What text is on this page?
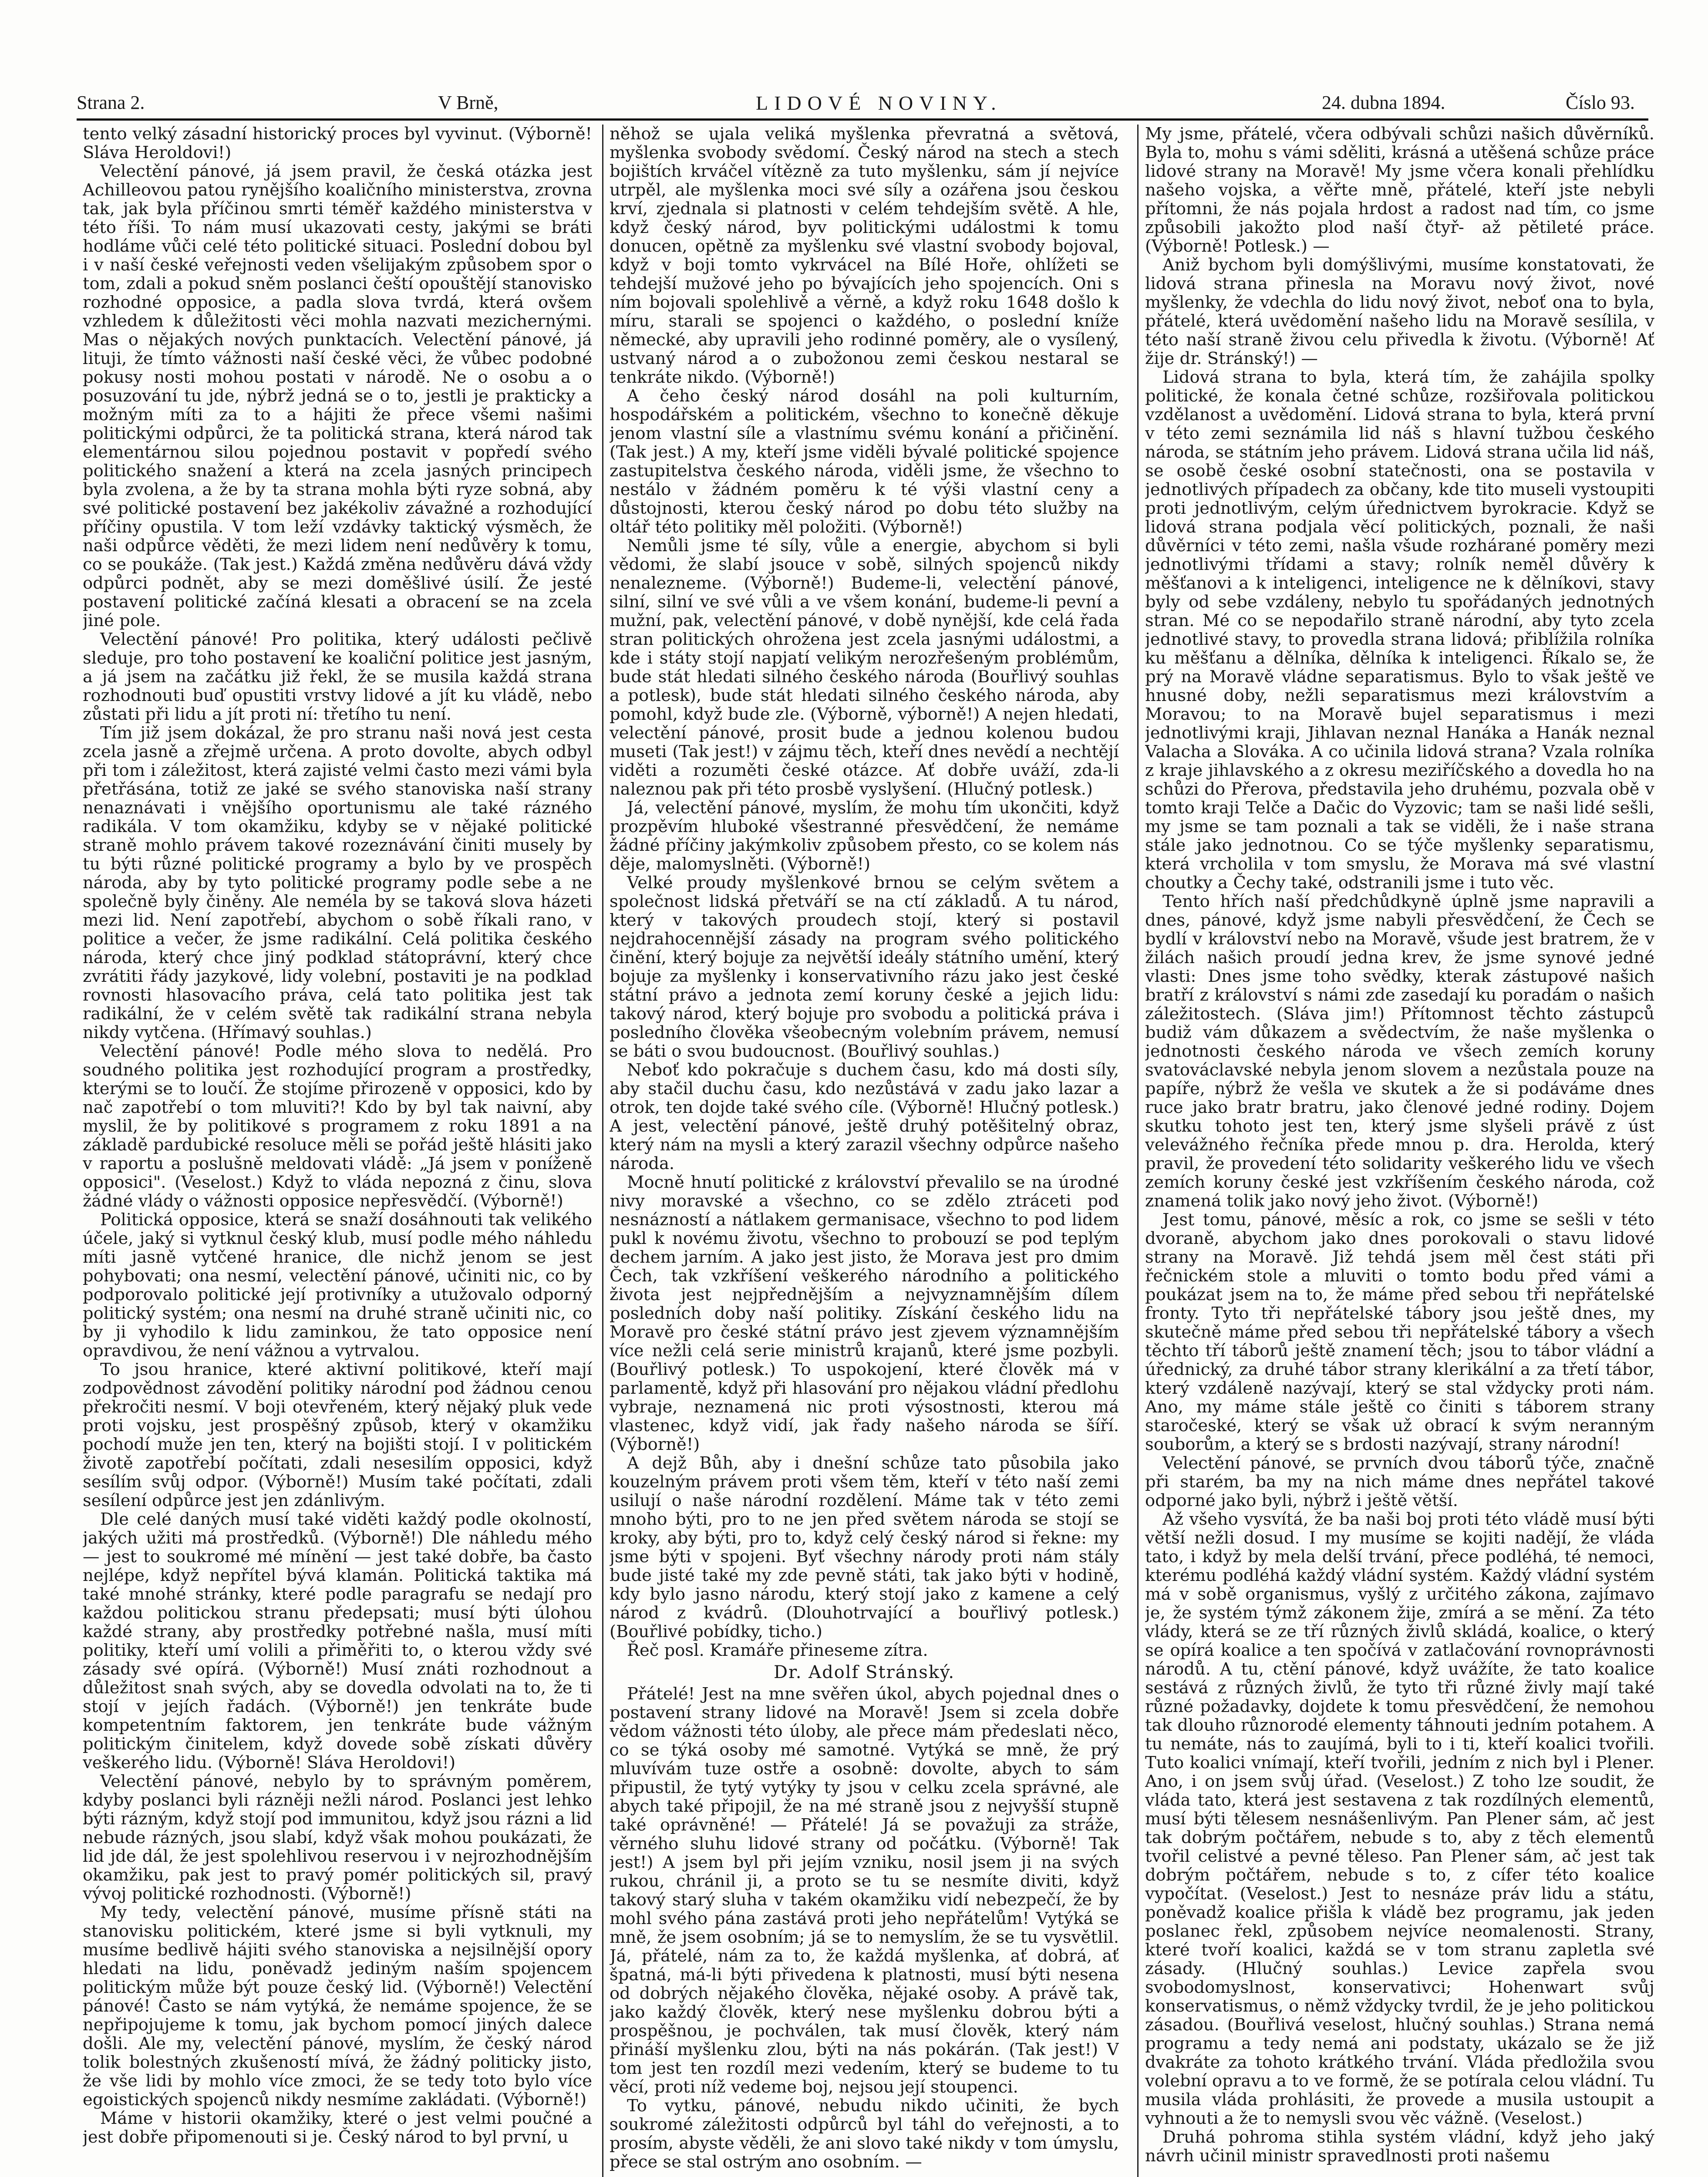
Strana 2.	V Brně,	LIDOVÉ NOVINY.	24. dubna 1894.	Číslo 93.

tento velký zásadní historický proces byl vyvinut. (Výborně! Sláva Heroldovi!)

Velectění pánové, já jsem pravil, že česká otázka jest Achilleovou patou rynějšího koaličního ministerstva, zrovna tak, jak byla příčinou smrti téměř každého ministerstva v této říši. To nám musí ukazovati cesty, jakými se bráti hodláme vůči celé této politické situaci. Poslední dobou byl i v naší české veřejnosti veden všelijakým způsobem spor o tom, zdali a pokud sněm poslanci čeští opouštějí stanovisko rozhodné opposice, a padla slova tvrdá, která ovšem vzhledem k důležitosti věci mohla nazvati mezichernými. Mas o nějakých nových punktacích. Velectění pánové, já lituji, že tímto vážnosti naší české věci, že vůbec podobné pokusy nosti mohou postati v národě. Ne o osobu a o posuzování tu jde, nýbrž jedná se o to, jestli je prakticky a možným míti za to a hájiti že přece všemi našimi politickými odpůrci, že ta politická strana, která národ tak elementárnou silou pojednou postavit v popředí svého politického snažení a která na zcela jasných principech byla zvolena, a že by ta strana mohla býti ryze sobná, aby své politické postavení bez jakékoliv závažné a rozhodující příčiny opustila. V tom leží vzdávky taktický výsměch, že naši odpůrce věděti, že mezi lidem není nedůvěry k tomu, co se poukáže. (Tak jest.) Každá změna nedůvěru dává vždy odpůrci podnět, aby se mezi doměšlivé úsilí. Že jesté postavení politické začíná klesati a obracení se na zcela jiné pole.

Velectění pánové! Pro politika, který události pečlivě sleduje, pro toho postavení ke koaliční politice jest jasným, a já jsem na začátku již řekl, že se musila každá strana rozhodnouti buď opustiti vrstvy lidové a jít ku vládě, nebo zůstati při lidu a jít proti ní: třetího tu není.

Tím již jsem dokázal, že pro stranu naši nová jest cesta zcela jasně a zřejmě určena. A proto dovolte, abych odbyl při tom i záležitost, která zajisté velmi často mezi vámi byla přetřásána, totiž ze jaké se svého stanoviska naší strany nenaznávati i vnějšího oportunismu ale také rázného radikála. V tom okamžiku, kdyby se v nějaké politické straně mohlo právem takové rozeznávání činiti musely by tu býti různé politické programy a bylo by ve prospěch národa, aby by tyto politické programy podle sebe a ne společně byly činěny. Ale neméla by se taková slova házeti mezi lid. Není zapotřebí, abychom o sobě říkali rano, v politice a večer, že jsme radikální. Celá politika českého národa, který chce jiný podklad státoprávní, který chce zvrátiti řády jazykové, lidy volební, postaviti je na podklad rovnosti hlasovacího práva, celá tato politika jest tak radikální, že v celém světě tak radikální strana nebyla nikdy vytčena. (Hřímavý souhlas.)

Velectění pánové! Podle mého slova to nedělá. Pro soudného politika jest rozhodující program a prostředky, kterými se to loučí. Že stojíme přirozeně v opposici, kdo by nač zapotřebí o tom mluviti?! Kdo by byl tak naivní, aby myslil, že by politikové s programem z roku 1891 a na základě pardubické resoluce měli se pořád ještě hlásiti jako v raportu a poslušně meldovati vládě: „Já jsem v poníženě opposici". (Veselost.) Když to vláda nepozná z činu, slova žádné vlády o vážnosti opposice nepřesvědčí. (Výborně!)

Politická opposice, která se snaží dosáhnouti tak velikého účele, jaký si vytknul český klub, musí podle mého náhledu míti jasně vytčené hranice, dle nichž jenom se jest pohybovati; ona nesmí, velectění pánové, učiniti nic, co by podporovalo politické její protivníky a utužovalo odporný politický systém; ona nesmí na druhé straně učiniti nic, co by ji vyhodilo k lidu zaminkou, že tato opposice není opravdivou, že není vážnou a vytrvalou.

To jsou hranice, které aktivní politikové, kteří mají zodpovědnost závodění politiky národní pod žádnou cenou překročiti nesmí. V boji otevřeném, který nějaký pluk vede proti vojsku, jest prospěšný způsob, který v okamžiku pochodí muže jen ten, který na bojišti stojí. I v politickém životě zapotřebí počítati, zdali nesesilím opposici, když sesílím svůj odpor. (Výborně!) Musím také počítati, zdali sesílení odpůrce jest jen zdánlivým.

Dle celé daných musí také viděti každý podle okolností, jakých užiti má prostředků. (Výborně!) Dle náhledu mého — jest to soukromé mé mínění — jest také dobře, ba často nejlépe, když nepřítel bývá klamán. Politická taktika má také mnohé stránky, které podle paragrafu se nedají pro každou politickou stranu předepsati; musí býti úlohou každé strany, aby prostředky potřebné našla, musí míti politiky, kteří umí volili a přiměřiti to, o kterou vždy své zásady své opírá. (Výborně!) Musí znáti rozhodnout a důležitost snah svých, aby se dovedla odvolati na to, že ti stojí v jejích řadách. (Výborně!) jen tenkráte bude kompetentním faktorem, jen tenkráte bude vážným politickým činitelem, když dovede sobě získati důvěry veškerého lidu. (Výborně! Sláva Heroldovi!)

Velectění pánové, nebylo by to správným poměrem, kdyby poslanci byli rázněji nežli národ. Poslanci jest lehko býti rázným, když stojí pod immunitou, když jsou rázni a lid nebude rázných, jsou slabí, když však mohou poukázati, že lid jde dál, že jest spolehlivou reservou i v nejrozhodnějším okamžiku, pak jest to pravý pomér politických sil, pravý vývoj politické rozhodnosti. (Výborně!)

My tedy, velectění pánové, musíme přísně státi na stanovisku politickém, které jsme si byli vytknuli, my musíme bedlivě hájiti svého stanoviska a nejsilnější opory hledati na lidu, poněvadž jediným naším spojencem politickým může být pouze český lid. (Výborně!) Velectění pánové! Často se nám vytýká, že nemáme spojence, že se nepřipojujeme k tomu, jak bychom pomocí jiných dalece došli. Ale my, velectění pánové, myslím, že český národ tolik bolestných zkušeností mívá, že žádný politicky jisto, že vše lidi by mohlo více zmoci, že se tedy toto bylo více egoistických spojenců nikdy nesmíme zakládati. (Výborně!)

Máme v historii okamžiky, které o jest velmi poučné a jest dobře připomenouti si je. Český národ to byl první, u

něhož se ujala veliká myšlenka převratná a světová, myšlenka svobody svědomí. Český národ na stech a stech bojištích krváčel vítězně za tuto myšlenku, sám jí nejvíce utrpěl, ale myšlenka moci své síly a ozářena jsou českou krví, zjednala si platnosti v celém tehdejším světě. A hle, když český národ, byv politickými událostmi k tomu donucen, opětně za myšlenku své vlastní svobody bojoval, když v boji tomto vykrvácel na Bílé Hoře, ohlížeti se tehdejší mužové jeho po bývajících jeho spojencích. Oni s ním bojovali spolehlivě a věrně, a když roku 1648 došlo k míru, starali se spojenci o každého, o poslední kníže německé, aby upravili jeho rodinné poměry, ale o vysílený, ustvaný národ a o zubožonou zemi českou nestaral se tenkráte nikdo. (Výborně!)

A čeho český národ dosáhl na poli kulturním, hospodářském a politickém, všechno to konečně děkuje jenom vlastní síle a vlastnímu svému konání a přičinění. (Tak jest.) A my, kteří jsme viděli bývalé politické spojence zastupitelstva českého národa, viděli jsme, že všechno to nestálo v žádném poměru k té výši vlastní ceny a důstojnosti, kterou český národ po dobu této služby na oltář této politiky měl položiti. (Výborně!)

Nemůli jsme té síly, vůle a energie, abychom si byli vědomi, že slabí jsouce v sobě, silných spojenců nikdy nenalezneme. (Výborně!) Budeme-li, velectění pánové, silní, silní ve své vůli a ve všem konání, budeme-li pevní a mužní, pak, velectění pánové, v době nynější, kde celá řada stran politických ohrožena jest zcela jasnými událostmi, a kde i státy stojí napjatí velikým nerozřešeným problémům, bude stát hledati silného českého národa (Bouřlivý souhlas a potlesk), bude stát hledati silného českého národa, aby pomohl, když bude zle. (Výborně, výborně!) A nejen hledati, velectění pánové, prosit bude a jednou kolenou budou museti (Tak jest!) v zájmu těch, kteří dnes nevědí a nechtějí viděti a rozuměti české otázce. Ať dobře uváží, zda-li naleznou pak při této prosbě vyslyšení. (Hlučný potlesk.)

Já, velectění pánové, myslím, že mohu tím ukončiti, když prozpěvím hluboké všestranné přesvědčení, že nemáme žádné příčiny jakýmkoliv způsobem přesto, co se kolem nás děje, malomyslněti. (Výborně!)

Velké proudy myšlenkové brnou se celým světem a společnost lidská přetváří se na ctí základů. A tu národ, který v takových proudech stojí, který si postavil nejdrahocennější zásady na program svého politického činění, který bojuje za největší ideály státního umění, který bojuje za myšlenky i konservativního rázu jako jest české státní právo a jednota zemí koruny české a jejich lidu: takový národ, který bojuje pro svobodu a politická práva i posledního člověka všeobecným volebním právem, nemusí se báti o svou budoucnost. (Bouřlivý souhlas.)

Neboť kdo pokračuje s duchem času, kdo má dosti síly, aby stačil duchu času, kdo nezůstává v zadu jako lazar a otrok, ten dojde také svého cíle. (Výborně! Hlučný potlesk.) A jest, velectění pánové, ještě druhý potěšitelný obraz, který nám na mysli a který zarazil všechny odpůrce našeho národa.

Mocně hnutí politické z království převalilo se na úrodné nivy moravské a všechno, co se zdělo ztráceti pod nesnázností a nátlakem germanisace, všechno to pod lidem pukl k novému životu, všechno to probouzí se pod teplým dechem jarním. A jako jest jisto, že Morava jest pro dmim Čech, tak vzkříšení veškerého národního a politického života jest nejpřednějším a nejvyznamnějším dílem posledních doby naší politiky. Získání českého lidu na Moravě pro české státní právo jest zjevem významnějším více nežli celá serie ministrů krajanů, které jsme pozbyli. (Bouřlivý potlesk.) To uspokojení, které člověk má v parlamentě, když při hlasování pro nějakou vládní předlohu vybraje, neznamená nic proti výsostnosti, kterou má vlastenec, když vidí, jak řady našeho národa se šíří. (Výborně!)

A dejž Bůh, aby i dnešní schůze tato působila jako kouzelným právem proti všem těm, kteří v této naší zemi usilují o naše národní rozdělení. Máme tak v této zemi mnoho býti, pro to ne jen před světem národa se stojí se kroky, aby býti, pro to, když celý český národ si řekne: my jsme býti v spojeni. Byť všechny národy proti nám stály bude jisté také my zde pevně státi, tak jako býti v hodině, kdy bylo jasno národu, který stojí jako z kamene a celý národ z kvádrů. (Dlouhotrvající a bouřlivý potlesk.) (Bouřlivé pobídky, ticho.)

Řeč posl. Kramáře přineseme zítra.

Dr. Adolf Stránský.

Přátelé! Jest na mne svěřen úkol, abych pojednal dnes o postavení strany lidové na Moravě! Jsem si zcela dobře vědom vážnosti této úloby, ale přece mám předeslati něco, co se týká osoby mé samotné. Vytýká se mně, že prý mluvívám tuze ostře a osobně: dovolte, abych to sám připustil, že tytý vytýky ty jsou v celku zcela správné, ale abych také připojil, že na mé straně jsou z nejvyšší stupně také oprávněné! — Přátelé! Já se považuji za stráže, věrného sluhu lidové strany od počátku. (Výborně! Tak jest!) A jsem byl při jejím vzniku, nosil jsem ji na svých rukou, chránil ji, a proto se tu se nesmíte diviti, když takový starý sluha v takém okamžiku vidí nebezpečí, že by mohl svého pána zastává proti jeho nepřátelům! Vytýká se mně, že jsem osobním; já se to nemyslím, že se tu vysvětlil. Já, přátelé, nám za to, že každá myšlenka, ať dobrá, ať špatná, má-li býti přivedena k platnosti, musí býti nesena od dobrých nějakého člověka, nějaké osoby. A právě tak, jako každý člověk, který nese myšlenku dobrou býti a prospěšnou, je pochválen, tak musí člověk, který nám přináší myšlenku zlou, býti na nás pokárán. (Tak jest!) V tom jest ten rozdíl mezi vedením, který se budeme to tu věcí, proti níž vedeme boj, nejsou její stoupenci.

To vytku, pánové, nebudu nikdo učiniti, že bych soukromé záležitosti odpůrců byl táhl do veřejnosti, a to prosím, abyste věděli, že ani slovo také nikdy v tom úmyslu, přece se stal ostrým ano osobním. —

My jsme, přátelé, včera odbývali schůzi našich důvěrníků. Byla to, mohu s vámi sděliti, krásná a utěšená schůze práce lidové strany na Moravě! My jsme včera konali přehlídku našeho vojska, a věřte mně, přátelé, kteří jste nebyli přítomni, že nás pojala hrdost a radost nad tím, co jsme způsobili jakožto plod naší čtyř- až pětileté práce. (Výborně! Potlesk.) —

Aniž bychom byli domýšlivými, musíme konstatovati, že lidová strana přinesla na Moravu nový život, nové myšlenky, že vdechla do lidu nový život, neboť ona to byla, přátelé, která uvědomění našeho lidu na Moravě sesílila, v této naší straně živou celu přivedla k životu. (Výborně! Ať žije dr. Stránský!) —

Lidová strana to byla, která tím, že zahájila spolky politické, že konala četné schůze, rozšiřovala politickou vzdělanost a uvědomění. Lidová strana to byla, která první v této zemi seznámila lid náš s hlavní tužbou českého národa, se státním jeho právem. Lidová strana učila lid náš, se osobě české osobní statečnosti, ona se postavila v jednotlivých případech za občany, kde tito museli vystoupiti proti jednotlivým, celým úřednictvem byrokracie. Když se lidová strana podjala věcí politických, poznali, že naši důvěrníci v této zemi, našla všude rozhárané poměry mezi jednotlivými třídami a stavy; rolník neměl důvěry k měšťanovi a k inteligenci, inteligence ne k dělníkovi, stavy byly od sebe vzdáleny, nebylo tu spořádaných jednotných stran. Mé co se nepodařilo straně národní, aby tyto zcela jednotlivé stavy, to provedla strana lidová; přiblížila rolníka ku měšťanu a dělníka, dělníka k inteligenci. Říkalo se, že prý na Moravě vládne separatismus. Bylo to však ještě ve hnusné doby, nežli separatismus mezi královstvím a Moravou; to na Moravě bujel separatismus i mezi jednotlivými kraji, Jihlavan neznal Hanáka a Hanák neznal Valacha a Slováka. A co učinila lidová strana? Vzala rolníka z kraje jihlavského a z okresu meziříčského a dovedla ho na schůzi do Přerova, představila jeho druhému, pozvala obě v tomto kraji Telče a Dačic do Vyzovic; tam se naši lidé sešli, my jsme se tam poznali a tak se viděli, že i naše strana stále jako jednotnou. Co se týče myšlenky separatismu, která vrcholila v tom smyslu, že Morava má své vlastní choutky a Čechy také, odstranili jsme i tuto věc.

Tento hřích naší předchůdkyně úplně jsme napravili a dnes, pánové, když jsme nabyli přesvědčení, že Čech se bydlí v království nebo na Moravě, všude jest bratrem, že v žilách našich proudí jedna krev, že jsme synové jedné vlasti: Dnes jsme toho svědky, kterak zástupové našich bratří z království s námi zde zasedají ku poradám o našich záležitostech. (Sláva jim!) Přítomnost těchto zástupců budiž vám důkazem a svědectvím, že naše myšlenka o jednotnosti českého národa ve všech zemích koruny svatováclavské nebyla jenom slovem a nezůstala pouze na papíře, nýbrž že vešla ve skutek a že si podáváme dnes ruce jako bratr bratru, jako členové jedné rodiny. Dojem skutku tohoto jest ten, který jsme slyšeli právě z úst velevážného řečníka přede mnou p. dra. Herolda, který pravil, že provedení této solidarity veškerého lidu ve všech zemích koruny české jest vzkříšením českého národa, což znamená tolik jako nový jeho život. (Výborně!)

Jest tomu, pánové, měsíc a rok, co jsme se sešli v této dvoraně, abychom jako dnes porokovali o stavu lidové strany na Moravě. Již tehdá jsem měl čest státi při řečnickém stole a mluviti o tomto bodu před vámi a poukázat jsem na to, že máme před sebou tři nepřátelské fronty. Tyto tři nepřátelské tábory jsou ještě dnes, my skutečně máme před sebou tři nepřátelské tábory a všech těchto tří táborů ještě znamení těch; jsou to tábor vládní a úřednický, za druhé tábor strany klerikální a za třetí tábor, který vzdáleně nazývají, který se stal vždycky proti nám. Ano, my máme stále ještě co činiti s táborem strany staročeské, který se však už obrací k svým neranným souborům, a který se s brdosti nazývají, strany národní!

Velectění pánové, se prvních dvou táborů týče, značně při starém, ba my na nich máme dnes nepřátel takové odporné jako byli, nýbrž i ještě větší.

Až všeho vysvítá, že ba naši boj proti této vládě musí býti větší nežli dosud. I my musíme se kojiti nadějí, že vláda tato, i když by mela delší trvání, přece podléhá, té nemoci, kterému podléhá každý vládní systém. Každý vládní systém má v sobě organismus, vyšlý z určitého zákona, zajímavo je, že systém týmž zákonem žije, zmírá a se mění. Za této vlády, která se ze tří různých živlů skládá, koalice, o který se opírá koalice a ten spočívá v zatlačování rovnoprávnosti národů. A tu, ctění pánové, když uvážíte, že tato koalice sestává z různých živlů, že tyto tři různé živly mají také různé požadavky, dojdete k tomu přesvědčení, že nemohou tak dlouho různorodé elementy táhnouti jedním potahem. A tu nemáte, nás to zaujímá, byli to i ti, kteří koalici tvořili. Tuto koalici vnímají, kteří tvořili, jedním z nich byl i Plener. Ano, i on jsem svůj úřad. (Veselost.) Z toho lze soudit, že vláda tato, která jest sestavena z tak rozdílných elementů, musí býti tělesem nesnášenlivým. Pan Plener sám, ač jest tak dobrým počtářem, nebude s to, aby z těch elementů tvořil celistvé a pevné těleso. Pan Plener sám, ač jest tak dobrým počtářem, nebude s to, z cífer této koalice vypočítat. (Veselost.) Jest to nesnáze práv lidu a státu, poněvadž koalice přišla k vládě bez programu, jak jeden poslanec řekl, způsobem nejvíce neomalenosti. Strany, které tvoří koalici, každá se v tom stranu zapletla své zásady. (Hlučný souhlas.) Levice zapřela svou svobodomyslnost, konservativci; Hohenwart svůj konservatismus, o němž vždycky tvrdil, že je jeho politickou zásadou. (Bouřlivá veselost, hlučný souhlas.) Strana nemá programu a tedy nemá ani podstaty, ukázalo se že již dvakráte za tohoto krátkého trvání. Vláda předložila svou volební opravu a to ve formě, že se potírala celou vládní. Tu musila vláda prohlásiti, že provede a musila ustoupit a vyhnouti a že to nemysli svou věc vážně. (Veselost.)

Druhá pohroma stihla systém vládní, když jeho jaký návrh učinil ministr spravedlnosti proti našemu
